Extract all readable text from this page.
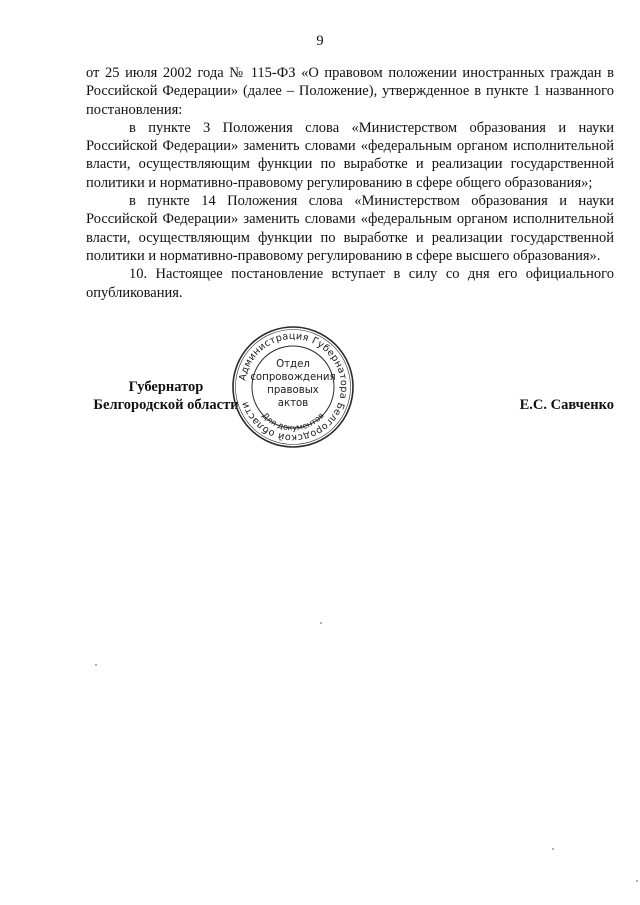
9

от 25 июля 2002 года № 115-ФЗ «О правовом положении иностранных граждан в Российской Федерации» (далее – Положение), утвержденное в пункте 1 названного постановления:

в пункте 3 Положения слова «Министерством образования и науки Российской Федерации» заменить словами «федеральным органом исполнительной власти, осуществляющим функции по выработке и реализации государственной политики и нормативно-правовому регулированию в сфере общего образования»;

в пункте 14 Положения слова «Министерством образования и науки Российской Федерации» заменить словами «федеральным органом исполнительной власти, осуществляющим функции по выработке и реализации государственной политики и нормативно-правовому регулированию в сфере высшего образования».

10. Настоящее постановление вступает в силу со дня его официального опубликования.

Губернатор
Белгородской области	Е.С. Савченко
Администрация Губернатора Белгородской области
Для документов
Отдел
сопровождения
правовых
актов
